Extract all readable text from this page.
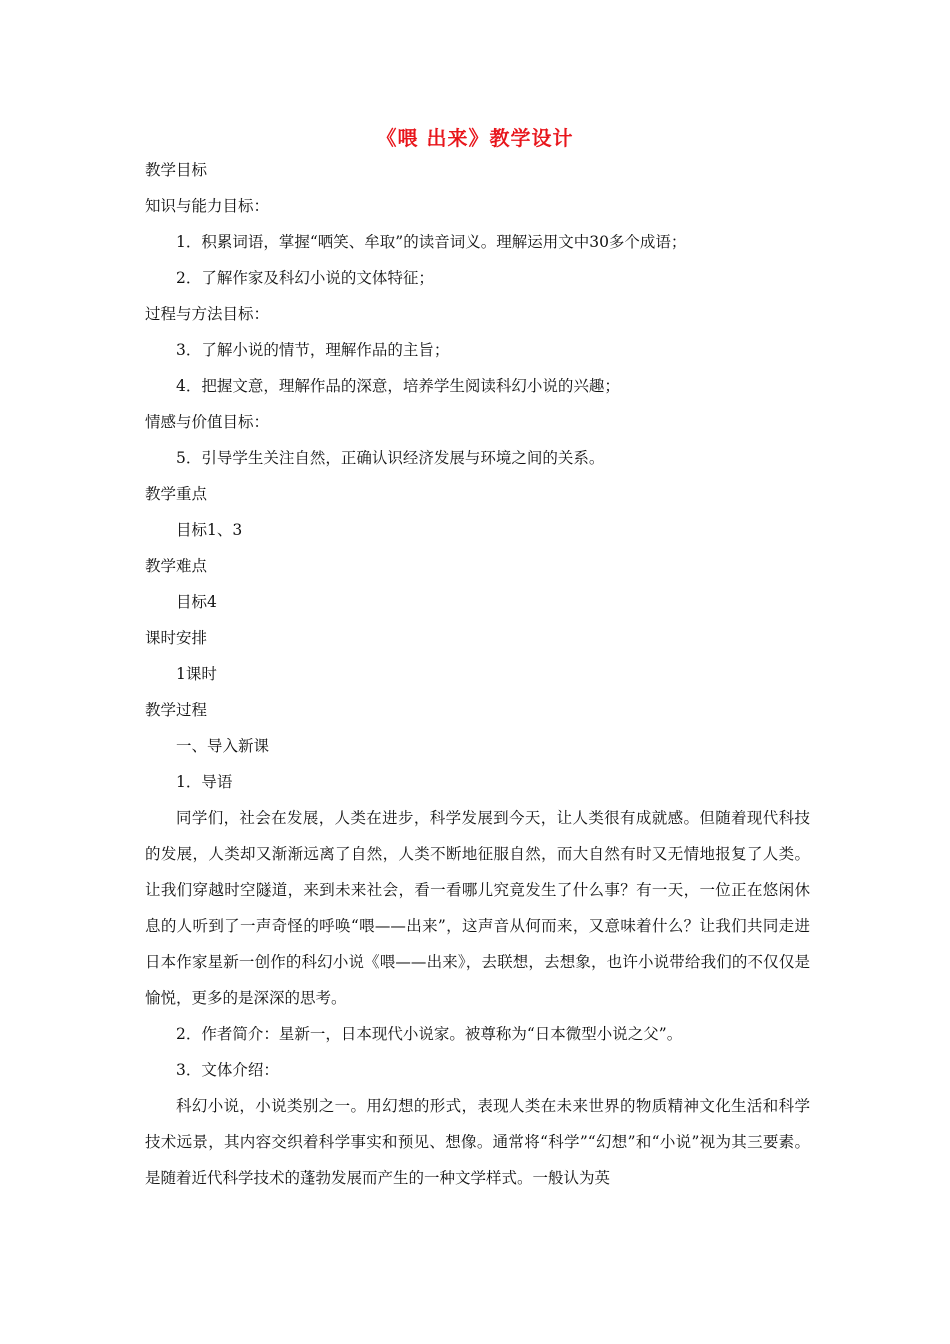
《喂 出来》教学设计

教学目标

知识与能力目标：

1．积累词语，掌握“哂笑、牟取”的读音词义。理解运用文中30多个成语；

2．了解作家及科幻小说的文体特征；

过程与方法目标：

3．了解小说的情节，理解作品的主旨；

4．把握文意，理解作品的深意，培养学生阅读科幻小说的兴趣；

情感与价值目标：

5．引导学生关注自然，正确认识经济发展与环境之间的关系。

教学重点

目标1、3

教学难点

目标4

课时安排

1课时

教学过程

一、导入新课

1．导语

同学们，社会在发展，人类在进步，科学发展到今天，让人类很有成就感。但随着现代科技的发展，人类却又渐渐远离了自然，人类不断地征服自然，而大自然有时又无情地报复了人类。让我们穿越时空隧道，来到未来社会，看一看哪儿究竟发生了什么事？有一天，一位正在悠闲休息的人听到了一声奇怪的呼唤“喂——出来”，这声音从何而来，又意味着什么？让我们共同走进日本作家星新一创作的科幻小说《喂——出来》，去联想，去想象，也许小说带给我们的不仅仅是愉悦，更多的是深深的思考。

2．作者简介：星新一，日本现代小说家。被尊称为“日本微型小说之父”。

3．文体介绍：

科幻小说，小说类别之一。用幻想的形式，表现人类在未来世界的物质精神文化生活和科学技术远景，其内容交织着科学事实和预见、想像。通常将“科学”“幻想”和“小说”视为其三要素。是随着近代科学技术的蓬勃发展而产生的一种文学样式。一般认为英
